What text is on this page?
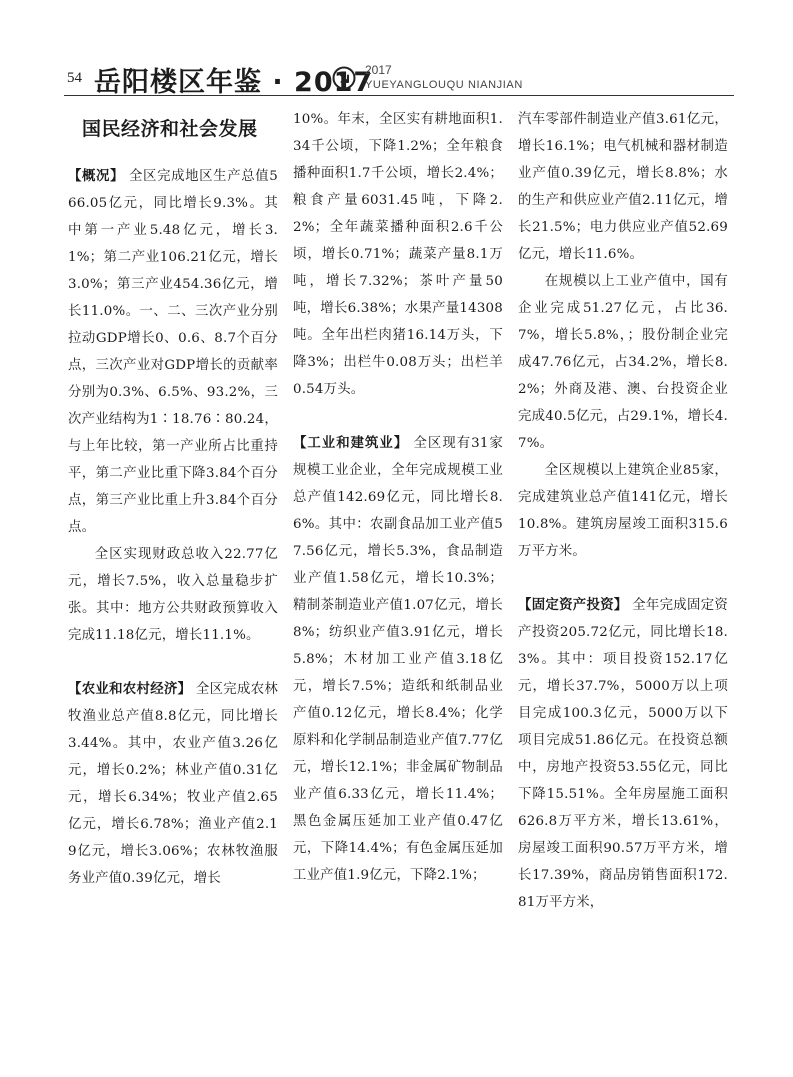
54 岳阳楼区年鉴 · 2017
2017
YUEYANGLOUQU NIANJIAN
国民经济和社会发展

【概况】 全区完成地区生产总值566.05亿元，同比增长9.3%。其中第一产业5.48亿元，增长3.1%；第二产业106.21亿元，增长3.0%；第三产业454.36亿元，增长11.0%。一、二、三次产业分别拉动GDP增长0、0.6、8.7个百分点，三次产业对GDP增长的贡献率分别为0.3%、6.5%、93.2%，三次产业结构为1∶18.76∶80.24，与上年比较，第一产业所占比重持平，第二产业比重下降3.84个百分点，第三产业比重上升3.84个百分点。

全区实现财政总收入22.77亿元，增长7.5%，收入总量稳步扩张。其中：地方公共财政预算收入完成11.18亿元，增长11.1%。

【农业和农村经济】 全区完成农林牧渔业总产值8.8亿元，同比增长3.44%。其中，农业产值3.26亿元，增长0.2%；林业产值0.31亿元，增长6.34%；牧业产值2.65亿元，增长6.78%；渔业产值2.19亿元，增长3.06%；农林牧渔服务业产值0.39亿元，增长

10%。年末，全区实有耕地面积1.34千公顷，下降1.2%；全年粮食播种面积1.7千公顷，增长2.4%；粮食产量6031.45吨，下降2.2%；全年蔬菜播种面积2.6千公顷，增长0.71%；蔬菜产量8.1万吨，增长7.32%；茶叶产量50吨，增长6.38%；水果产量14308吨。全年出栏肉猪16.14万头，下降3%；出栏牛0.08万头；出栏羊0.54万头。

【工业和建筑业】 全区现有31家规模工业企业，全年完成规模工业总产值142.69亿元，同比增长8.6%。其中：农副食品加工业产值57.56亿元，增长5.3%，食品制造业产值1.58亿元，增长10.3%；精制茶制造业产值1.07亿元，增长8%；纺织业产值3.91亿元，增长5.8%；木材加工业产值3.18亿元，增长7.5%；造纸和纸制品业产值0.12亿元，增长8.4%；化学原料和化学制品制造业产值7.77亿元，增长12.1%；非金属矿物制品业产值6.33亿元，增长11.4%；黑色金属压延加工业产值0.47亿元，下降14.4%；有色金属压延加工业产值1.9亿元，下降2.1%；

汽车零部件制造业产值3.61亿元，增长16.1%；电气机械和器材制造业产值0.39亿元，增长8.8%；水的生产和供应业产值2.11亿元，增长21.5%；电力供应业产值52.69亿元，增长11.6%。

在规模以上工业产值中，国有企业完成51.27亿元，占比36.7%，增长5.8%，；股份制企业完成47.76亿元，占34.2%，增长8.2%；外商及港、澳、台投资企业完成40.5亿元，占29.1%，增长4.7%。

全区规模以上建筑企业85家，完成建筑业总产值141亿元，增长10.8%。建筑房屋竣工面积315.6万平方米。

【固定资产投资】 全年完成固定资产投资205.72亿元，同比增长18.3%。其中：项目投资152.17亿元，增长37.7%，5000万以上项目完成100.3亿元，5000万以下项目完成51.86亿元。在投资总额中，房地产投资53.55亿元，同比下降15.51%。全年房屋施工面积626.8万平方米，增长13.61%，房屋竣工面积90.57万平方米，增长17.39%，商品房销售面积172.81万平方米，
